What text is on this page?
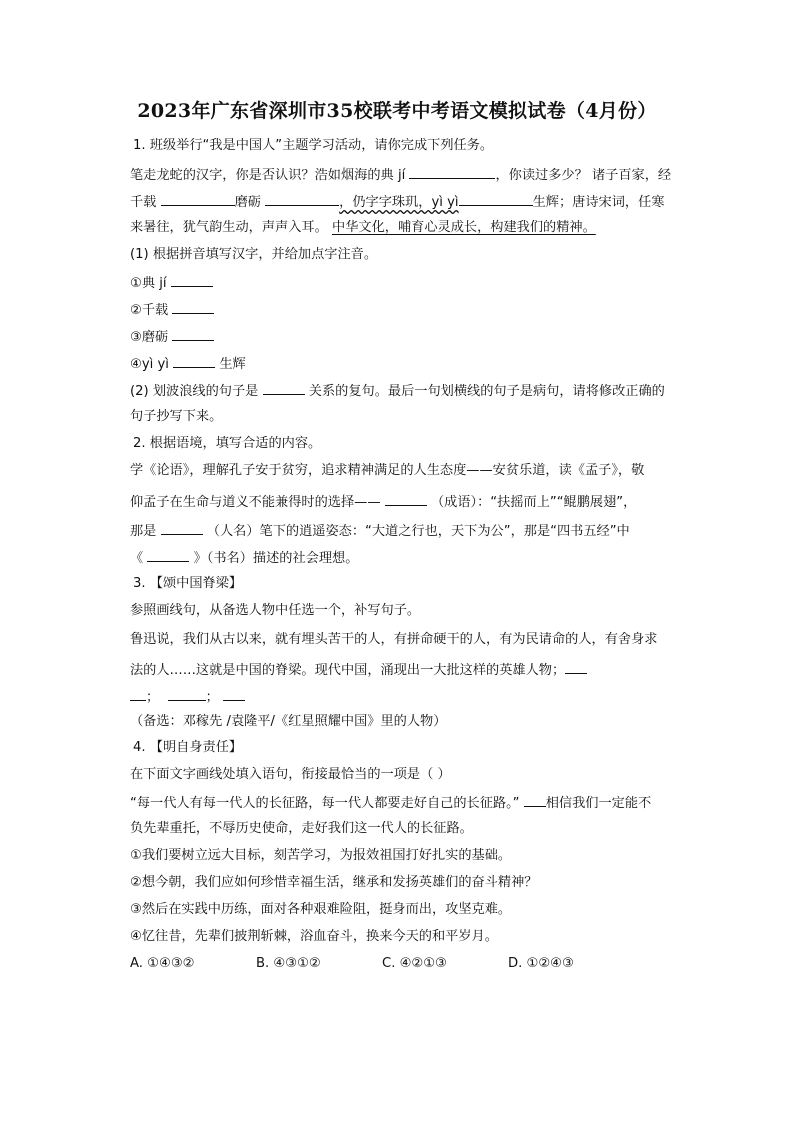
2023年广东省深圳市35校联考中考语文模拟试卷（4月份）
1. 班级举行“我是中国人”主题学习活动，请你完成下列任务。
笔走龙蛇的汉字，你是否认识？浩如烟海的典 jí	，你读过多少？ 诸子百家，经
千载	磨砺	，仍字字珠玑，yì yì	生辉；唐诗宋词，任寒
来暑往，犹气韵生动，声声入耳。 中华文化，哺育心灵成长，构建我们的精神。
(1) 根据拼音填写汉字，并给加点字注音。
①典 jí
②千载
③磨砺
④yì yì	生辉
(2) 划波浪线的句子是	关系的复句。最后一句划横线的句子是病句，请将修改正确的
句子抄写下来。
2. 根据语境，填写合适的内容。
学《论语》，理解孔子安于贫穷，追求精神满足的人生态度——安贫乐道，读《孟子》，敬
仰孟子在生命与道义不能兼得时的选择——	（成语）：“扶摇而上”“鲲鹏展翅”，
那是	（人名）笔下的逍遥姿态：“大道之行也，天下为公”，那是“四书五经”中
《	》（书名）描述的社会理想。
3. 【颂中国脊梁】
参照画线句，从备选人物中任选一个，补写句子。
鲁迅说，我们从古以来，就有埋头苦干的人，有拼命硬干的人，有为民请命的人，有舍身求
法的人……这就是中国的脊梁。现代中国，涌现出一大批这样的英雄人物；
；	；
（备选：邓稼先 /袁隆平/《红星照耀中国》里的人物）
4. 【明自身责任】
在下面文字画线处填入语句，衔接最恰当的一项是（ ）
“每一代人有每一代人的长征路，每一代人都要走好自己的长征路。” 相信我们一定能不
负先辈重托，不辱历史使命，走好我们这一代人的长征路。
①我们要树立远大目标，刻苦学习，为报效祖国打好扎实的基础。
②想今朝，我们应如何珍惜幸福生活，继承和发扬英雄们的奋斗精神？
③然后在实践中历练，面对各种艰难险阻，挺身而出，攻坚克难。
④忆往昔，先辈们披荆斩棘，浴血奋斗，换来今天的和平岁月。
A. ①④③②	B. ④③①②	C. ④②①③	D. ①②④③
